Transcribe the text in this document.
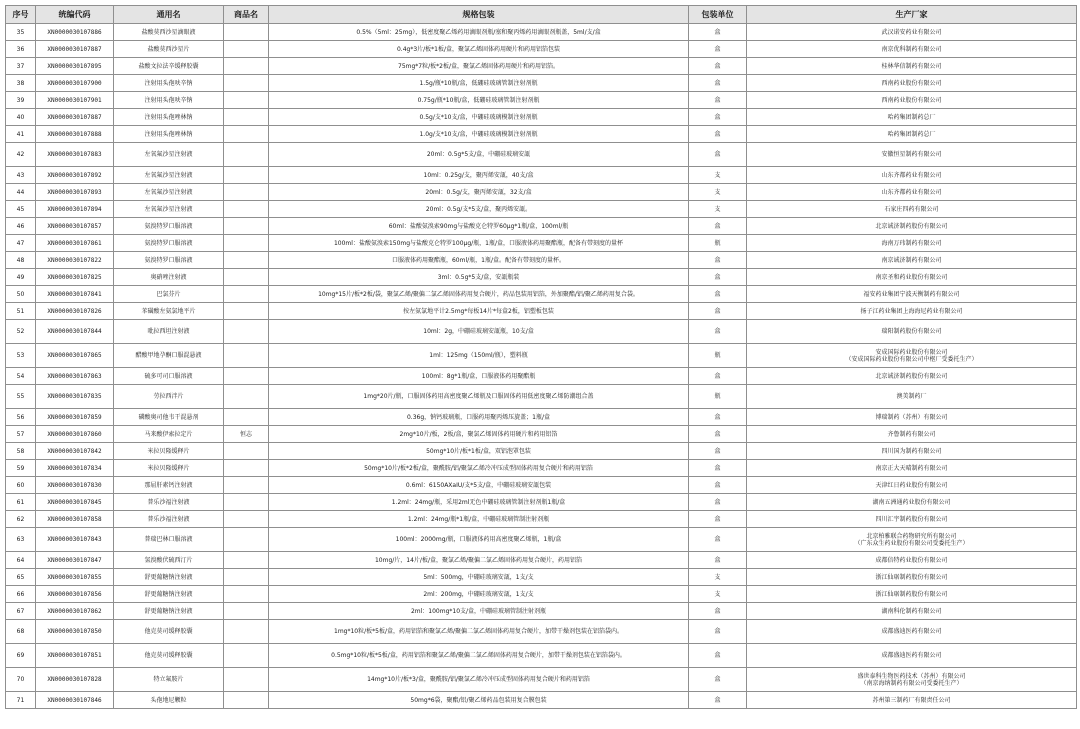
序号	统编代码	通用名	商品名	规格包装	包装单位	生产厂家
35	XN0000030107886	盐酸莫西沙星滴眼液		0.5%（5ml：25mg），低密度聚乙烯药用滴眼剂瓶/塞和聚丙烯药用滴眼剂瓶盖，5ml/支/盒	盒	武汉诺安药业有限公司
36	XN0000030107887	盐酸莫西沙星片		0.4g*3片/板*1板/盒，聚氯乙烯固体药用硬片和药用铝箔包装	盒	南京优科制药有限公司
37	XN0000030107895	盐酸文拉法辛缓释胶囊		75mg*7粒/板*2板/盒，聚氯乙烯固体药用硬片和药用铝箔。	盒	桂林华信制药有限公司
38	XN0000030107900	注射用头孢呋辛钠		1.5g/瓶*10瓶/盒，低硼硅玻璃管制注射剂瓶	盒	西南药业股份有限公司
39	XN0000030107901	注射用头孢呋辛钠		0.75g/瓶*10瓶/盒，低硼硅玻璃管制注射剂瓶	盒	西南药业股份有限公司
40	XN0000030107887	注射用头孢唑林钠		0.5g/支*10支/盒，中硼硅玻璃模制注射剂瓶	盒	哈药集团制药总厂
41	XN0000030107888	注射用头孢唑林钠		1.0g/支*10支/盒，中硼硅玻璃模制注射剂瓶	盒	哈药集团制药总厂
42	XN0000030107883	左氧氟沙星注射液		20ml：0.5g*5支/盒，中硼硅玻璃安瓿	盒	安徽恒星制药有限公司
43	XN0000030107892	左氧氟沙星注射液		10ml：0.25g/支，聚丙烯安瓿，40支/盒	支	山东齐都药业有限公司
44	XN0000030107893	左氧氟沙星注射液		20ml：0.5g/支，聚丙烯安瓿，32支/盒	支	山东齐都药业有限公司
45	XN0000030107894	左氧氟沙星注射液		20ml：0.5g/支*5支/盒，聚丙烯安瓿。	支	石家庄四药有限公司
46	XN0000030107857	氨溴特罗口服溶液		60ml：盐酸氨溴索90mg与盐酸克仑特罗60μg*1瓶/盒，100ml/瓶	盒	北京诚济制药股份有限公司
47	XN0000030107861	氨溴特罗口服溶液		100ml：盐酸氨溴索150mg与盐酸克仑特罗100μg/瓶，1瓶/盒，口服液体药用聚酯瓶，配备有带刻度的量杯	瓶	海南万玮制药有限公司
48	XN0000030107822	氨溴特罗口服溶液		口服液体药用聚酯瓶，60ml/瓶，1瓶/盒。配备有带刻度的量杯。	盒	南京诚济制药有限公司
49	XN0000030107825	奥硝唑注射液		3ml：0.5g*5支/盒，安瓿瓶装	盒	南京圣和药业股份有限公司
50	XN0000030107841	巴氯芬片		10mg*15片/板*2板/袋，聚氯乙烯/聚偏二氯乙烯固体药用复合硬片，药品包装用铝箔，外加聚酯/铝/聚乙烯药用复合袋。	盒	福安药业集团宁波天衡制药有限公司
51	XN0000030107826	苯磺酸左氨氯地平片		按左氨氯地平计2.5mg*每板14片*每盒2板，铝塑板包装	盒	扬子江药业集团上海海尼药业有限公司
52	XN0000030107844	吡拉西坦注射液		10ml：2g，中硼硅玻璃安瓿瓶，10支/盒	盒	瑞阳制药股份有限公司
53	XN0000030107865	醋酸甲地孕酮口服混悬液		1ml：125mg（150ml/瓶），塑料瓶	瓶	安成国际药业股份有限公司
（安成国际药业股份有限公司中枢厂受委托生产）
54	XN0000030107863	硫多可司口服溶液		100ml：8g*1瓶/盒，口服液体药用聚酯瓶	盒	北京诚济制药股份有限公司
55	XN0000030107835	劳拉西泮片		1mg*20片/瓶，口服固体药用高密度聚乙烯瓶及口服固体药用低密度聚乙烯防潮组合盖	瓶	澳美制药厂
56	XN0000030107859	磷酸奥司他韦干混悬剂		0.36g，钠钙玻璃瓶，口服药用聚丙烯压旋盖；1瓶/盒	盒	博瑞制药（苏州）有限公司
57	XN0000030107860	马来酸伊索拉定片	恒志	2mg*10片/板，2板/盒，聚氯乙烯固体药用硬片和药用铝箔	盒	齐鲁制药有限公司
58	XN0000030107842	米拉贝隆缓释片		50mg*10片/板*1板/盒，双铝泡罩包装	盒	四川国为制药有限公司
59	XN0000030107834	米拉贝隆缓释片		50mg*10片/板*2板/盒，聚酰胺/铝/聚氯乙烯冷冲压成型固体药用复合硬片和药用铝箔	盒	南京正大天晴制药有限公司
60	XN0000030107830	那屈肝素钙注射液		0.6ml：6150AXaIU/支*5支/盒，中硼硅玻璃安瓿包装	盒	天津红日药业股份有限公司
61	XN0000030107845	普乐沙福注射液		1.2ml：24mg/瓶，采用2ml无色中硼硅玻璃管制注射剂瓶1瓶/盒	盒	湖南五洲通药业股份有限公司
62	XN0000030107858	普乐沙福注射液		1.2ml：24mg/瓶*1瓶/盒，中硼硅玻璃管制注射剂瓶	盒	四川汇宇制药股份有限公司
63	XN0000030107843	普瑞巴林口服溶液		100ml：2000mg/瓶，口服液体药用高密度聚乙烯瓶，1瓶/盒	盒	北京柏雅联合药物研究所有限公司
（广东众生药业股份有限公司受委托生产）
64	XN0000030107847	氢溴酸伏硫西汀片		10mg/片，14片/板/盒，聚氯乙烯/聚偏二氯乙烯固体药用复合硬片，药用铝箔	盒	成都倍特药业股份有限公司
65	XN0000030107855	舒更葡糖钠注射液		5ml：500mg，中硼硅玻璃安瓿，1支/支	支	浙江仙琚制药股份有限公司
66	XN0000030107856	舒更葡糖钠注射液		2ml：200mg，中硼硅玻璃安瓿，1支/支	支	浙江仙琚制药股份有限公司
67	XN0000030107862	舒更葡糖钠注射液		2ml：100mg*10支/盒，中硼硅玻璃管制注射剂瓶	盒	湖南科伦制药有限公司
68	XN0000030107850	他克莫司缓释胶囊		1mg*10粒/板*5板/盒，药用铝箔和聚氯乙烯/聚偏二氯乙烯固体药用复合硬片，加带干燥剂包装在铝箔袋内。	盒	成都盛迪医药有限公司
69	XN0000030107851	他克莫司缓释胶囊		0.5mg*10粒/板*5板/盒，药用铝箔和聚氯乙烯/聚偏二氯乙烯固体药用复合硬片，加带干燥剂包装在铝箔袋内。	盒	成都盛迪医药有限公司
70	XN0000030107828	特立氟胺片		14mg*10片/板*3/盒，聚酰胺/铝/聚氯乙烯冷冲压成型固体药用复合硬片和药用铝箔	盒	盛世泰科生物医药技术（苏州）有限公司
（南京海纳制药有限公司受委托生产）
71	XN0000030107846	头孢地尼颗粒		50mg*6袋，聚酯/铝/聚乙烯药品包装用复合膜包装	盒	苏州第三制药厂有限责任公司
